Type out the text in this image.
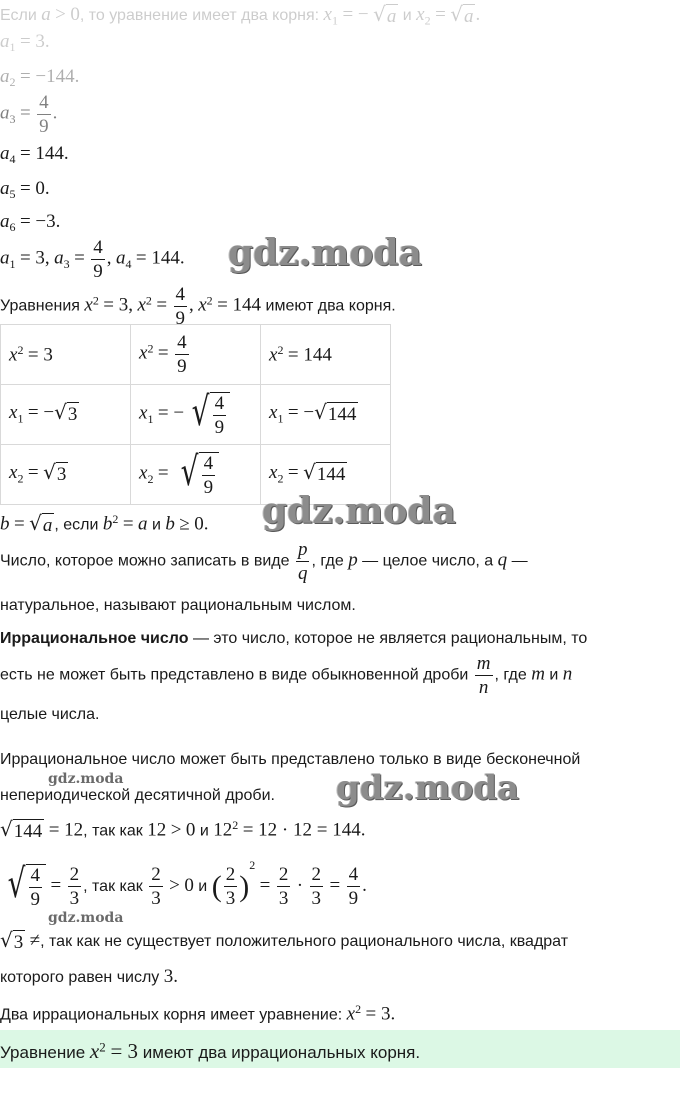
Если a > 0, то уравнение имеет два корня: $x_1$ = − √ a и $x_2$ = √ a .
$a_1 = 3$.
$a_2 = -144$.
$a_3 = \frac{4}{9}$ .
$a_4 = 144$.
$a_5 = 0$.
$a_6 = -3$.
$a_1 = 3$, $a_3 = \frac{4}{9}$ , $a_4 = 144$. gdz.moda
Уравнения $x^2 = 3$, $x^2 = \frac{4}{9}$ , $x^2 = 144$ имеют два корня.
$x^2 = 3$	$x^2 = \frac{4}{9}$	$x^2 = 144$
$x_1$ = − √ 3	$x_1$ = − √ $\frac{4}{9}$	$x_1$ = − √ 144

$x_2$ = √ 3	$x_2$ = √ $\frac{4}{9}$	$x_2$ = √ 144
b = √ a , если $b^2 = a$ и b ≥ 0. gdz.moda
Число, которое можно записать в виде $\frac{p}{q}$ , где p — целое число, а q —
натуральное, называют рациональным числом.
Иррациональное число — это число, которое не является рациональным, то
есть не может быть представлено в виде обыкновенной дроби $\frac{m}{n}$ , где m и n
целые числа.
Иррациональное число может быть представлено только в виде бесконечной
gdz.moda
непериодической десятичной дроби. gdz.moda
√ 144 = 12, так как 12 > 0 и $12^2 = 12 \cdot 12 = 144$.
√ $\frac{4}{9} = \frac{2}{3}$ , так как $\frac{2}{3} > 0$ и ( $\frac{2}{3} )^2 = \frac{2}{3} \cdot \frac{2}{3} = \frac{4}{9}$ .
gdz.moda
√ 3 ≠, так как не существует положительного рационального числа, квадрат
которого равен числу 3.
Два иррациональных корня имеет уравнение: $x^2 = 3$.
Уравнение $x^2 = 3$ имеют два иррациональных корня.
